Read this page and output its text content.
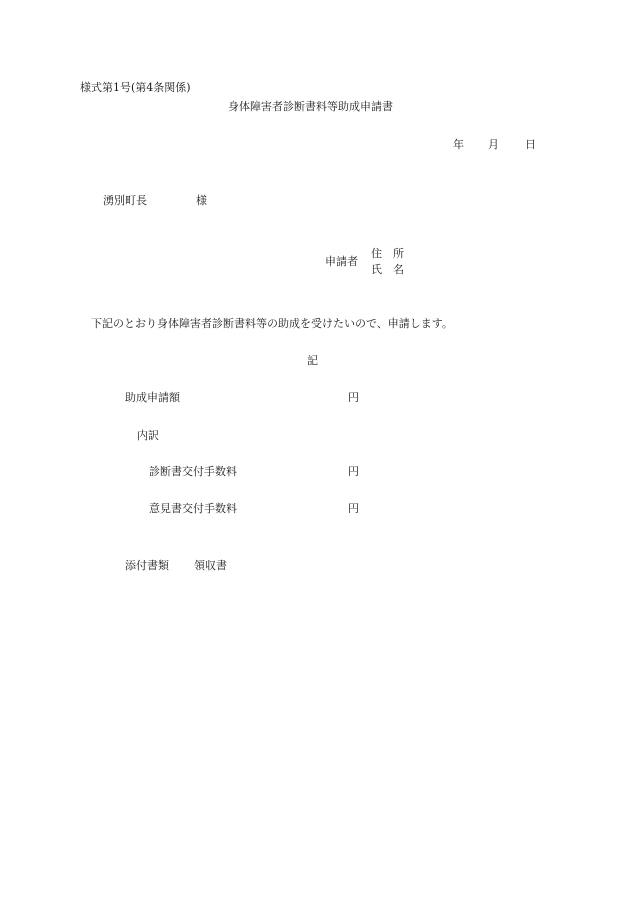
様式第1号(第4条関係)
身体障害者診断書料等助成申請書
年 月 日
湧別町長	様
申請者
住　所
氏　名
下記のとおり身体障害者診断書料等の助成を受けたいので、申請します。
記
助成申請額	円
内訳
診断書交付手数料	円
意見書交付手数料	円
添付書類 領収書
